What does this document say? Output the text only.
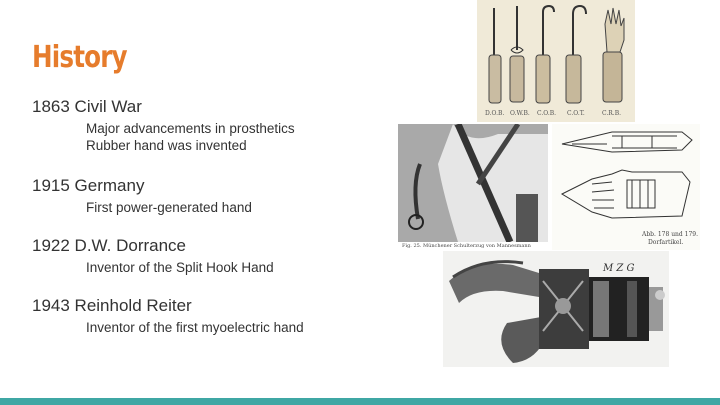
History
1863 Civil War
Major advancements in prosthetics
Rubber hand was invented
1915 Germany
First power-generated hand
1922 D.W. Dorrance
Inventor of the Split Hook Hand
1943 Reinhold Reiter
Inventor of the first myoelectric hand
D.O.B. O.W.B. C.O.B. C.O.T.	C.R.B.
Fig. 25. Münchener Schulterzug von Mannesmann
Abb. 178 und 179.
Dorfartikel.
M Z G
